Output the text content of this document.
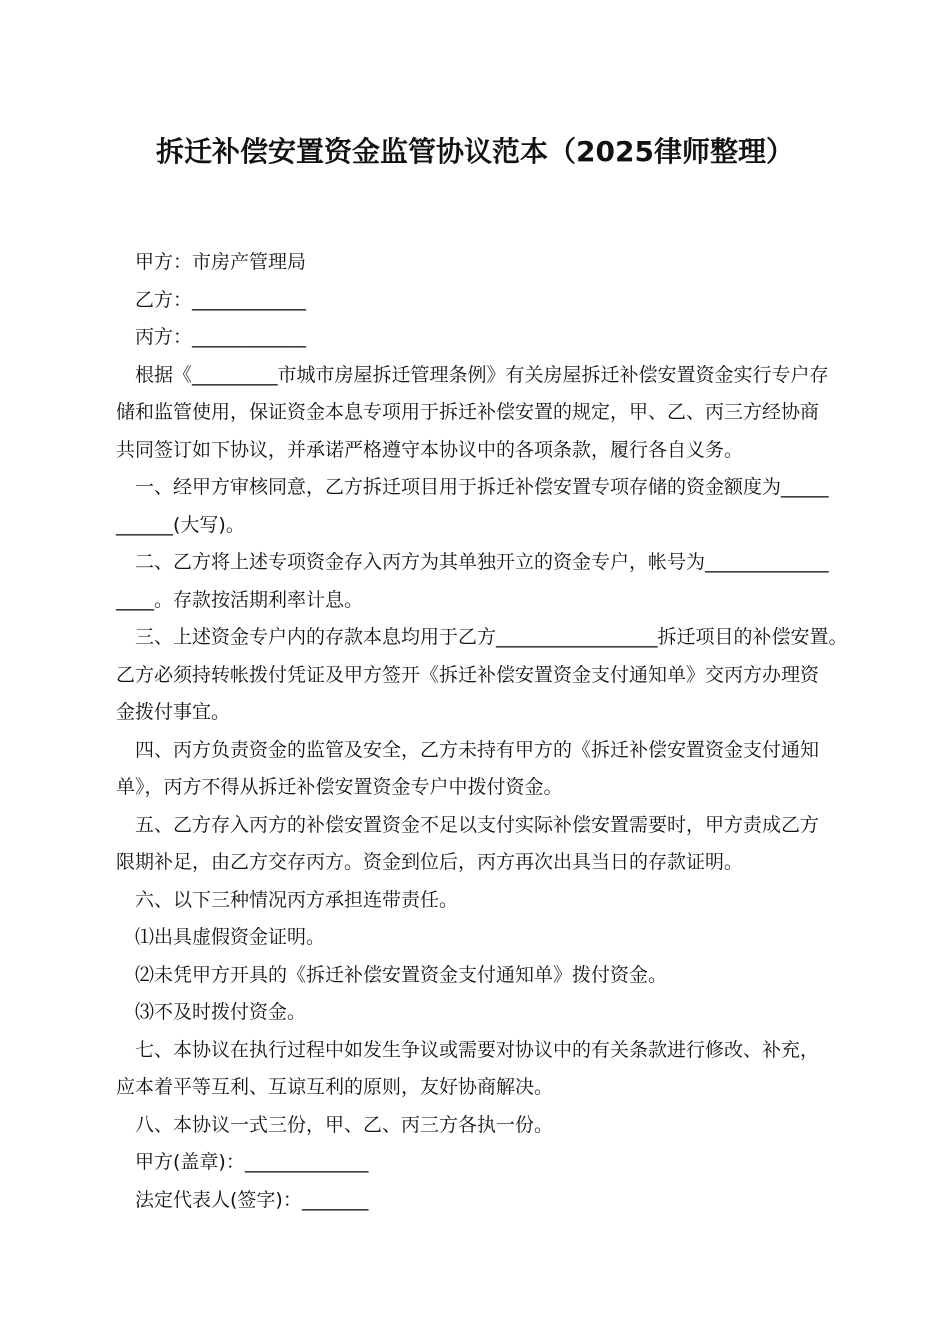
拆迁补偿安置资金监管协议范本（2025律师整理）
甲方：市房产管理局
乙方：____________
丙方：____________
根据《_________市城市房屋拆迁管理条例》有关房屋拆迁补偿安置资金实行专户存
储和监管使用，保证资金本息专项用于拆迁补偿安置的规定，甲、乙、丙三方经协商
共同签订如下协议，并承诺严格遵守本协议中的各项条款，履行各自义务。
一、经甲方审核同意，乙方拆迁项目用于拆迁补偿安置专项存储的资金额度为_____
______(大写)。
二、乙方将上述专项资金存入丙方为其单独开立的资金专户，帐号为_____________
____。存款按活期利率计息。
三、上述资金专户内的存款本息均用于乙方_________________拆迁项目的补偿安置。
乙方必须持转帐拨付凭证及甲方签开《拆迁补偿安置资金支付通知单》交丙方办理资
金拨付事宜。
四、丙方负责资金的监管及安全，乙方未持有甲方的《拆迁补偿安置资金支付通知
单》，丙方不得从拆迁补偿安置资金专户中拨付资金。
五、乙方存入丙方的补偿安置资金不足以支付实际补偿安置需要时，甲方责成乙方
限期补足，由乙方交存丙方。资金到位后，丙方再次出具当日的存款证明。
六、以下三种情况丙方承担连带责任。
⑴出具虚假资金证明。
⑵未凭甲方开具的《拆迁补偿安置资金支付通知单》拨付资金。
⑶不及时拨付资金。
七、本协议在执行过程中如发生争议或需要对协议中的有关条款进行修改、补充，
应本着平等互利、互谅互利的原则，友好协商解决。
八、本协议一式三份，甲、乙、丙三方各执一份。
甲方(盖章)：_____________
法定代表人(签字)：_______
